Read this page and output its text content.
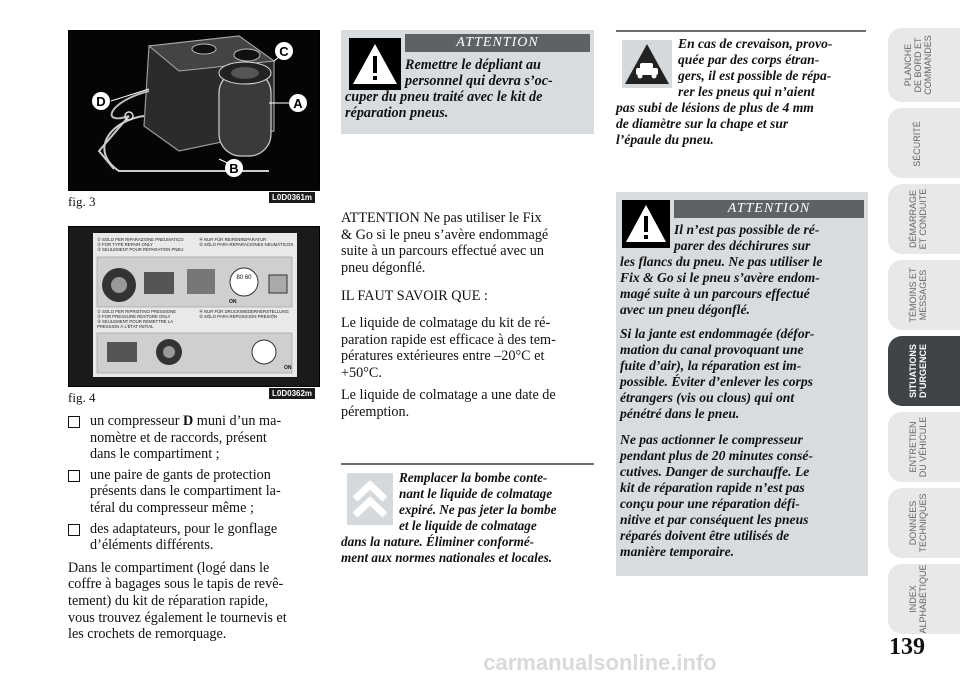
C
D	A
B
fig. 3	L0D0361m
① SOLO PER RIPARAZIONE PNEUMATICO ② FOR TYPE REPAIR ONLY ③ SEULEMENT POUR RÉPARATION PNEU ④ NUR FÜR REIFENREPARATUR ⑤ SÓLO PARA REPARACIONES NEUMÁTICOS ① SOLO PER RIPRISTINO PRESSIONE ② FOR PRESSURE RESTORE ONLY ③ SEULEMENT POUR REMETTRE LA PRESSION À L'ÉTAT INITIAL ④ NUR FÜR DRUCKWIEDERHERSTELLUNG ⑤ SÓLO PARA REPOSICIÓN PRESIÓN
80 60
ON
ON
fig. 4	L0D0362m
un compresseur D muni d’un ma-
nomètre et de raccords, présent
dans le compartiment ;
une paire de gants de protection
présents dans le compartiment la-
téral du compresseur même ;
des adaptateurs, pour le gonflage
d’éléments différents.
Dans le compartiment (logé dans le
coffre à bagages sous le tapis de revê-
tement) du kit de réparation rapide,
vous trouvez également le tournevis et
les crochets de remorquage.
ATTENTION
Remettre le dépliant au
personnel qui devra s’oc-
cuper du pneu traité avec le kit de
réparation pneus.
ATTENTION Ne pas utiliser le Fix
& Go si le pneu s’avère endommagé
suite à un parcours effectué avec un
pneu dégonflé.
IL FAUT SAVOIR QUE :
Le liquide de colmatage du kit de ré-
paration rapide est efficace à des tem-
pératures extérieures entre –20°C et
+50°C.
Le liquide de colmatage a une date de
péremption.
Remplacer la bombe conte-
nant le liquide de colmatage
expiré. Ne pas jeter la bombe
et le liquide de colmatage
dans la nature. Éliminer conformé-
ment aux normes nationales et locales.
En cas de crevaison, provo-
quée par des corps étran-
gers, il est possible de répa-
rer les pneus qui n’aient
pas subi de lésions de plus de 4 mm
de diamètre sur la chape et sur
l’épaule du pneu.
ATTENTION
Il n’est pas possible de ré-
parer des déchirures sur
les flancs du pneu. Ne pas utiliser le
Fix & Go si le pneu s’avère endom-
magé suite à un parcours effectué
avec un pneu dégonflé.
Si la jante est endommagée (défor-
mation du canal provoquant une
fuite d’air), la réparation est im-
possible. Éviter d’enlever les corps
étrangers (vis ou clous) qui ont
pénétré dans le pneu.
Ne pas actionner le compresseur
pendant plus de 20 minutes consé-
cutives. Danger de surchauffe. Le
kit de réparation rapide n’est pas
conçu pour une réparation défi-
nitive et par conséquent les pneus
réparés doivent être utilisés de
manière temporaire.
PLANCHE
DE BORD ET
COMMANDES
SÉCURITÉ
DÉMARRAGE
ET CONDUITE
TÉMOINS ET
MESSAGES
SITUATIONS
D’URGENCE
ENTRETIEN
DU VÉHICULE
DONNÉES
TECHNIQUES
INDEX
ALPHABÉTIQUE
139
carmanualsonline.info
